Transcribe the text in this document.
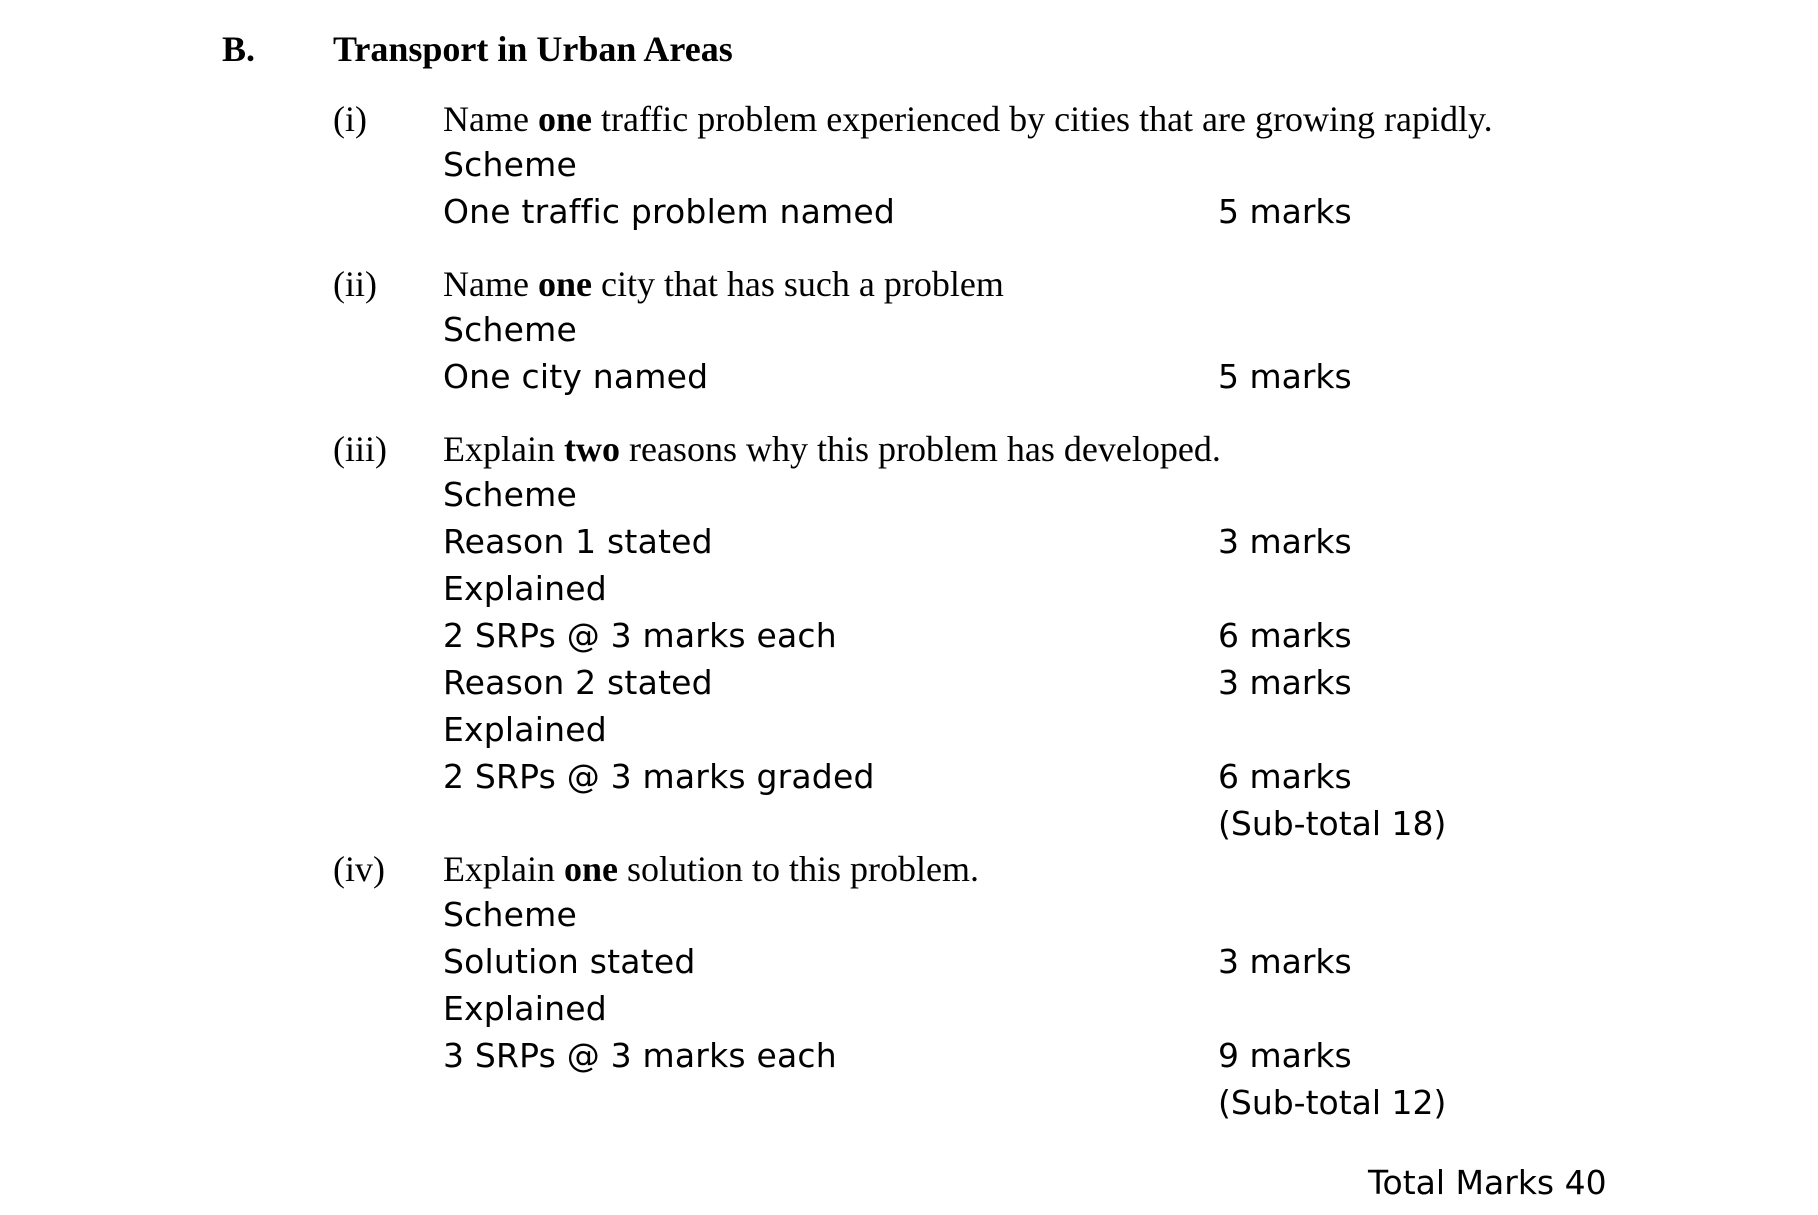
B. Transport in Urban Areas
(i) Name one traffic problem experienced by cities that are growing rapidly.
Scheme
One traffic problem named	5 marks
(ii) Name one city that has such a problem
Scheme
One city named	5 marks
(iii) Explain two reasons why this problem has developed.
Scheme
Reason 1 stated	3 marks
Explained
2 SRPs @ 3 marks each	6 marks
Reason 2 stated	3 marks
Explained
2 SRPs @ 3 marks graded	6 marks
(Sub-total 18)
(iv) Explain one solution to this problem.
Scheme
Solution stated	3 marks
Explained
3 SRPs @ 3 marks each	9 marks
(Sub-total 12)
Total Marks 40
